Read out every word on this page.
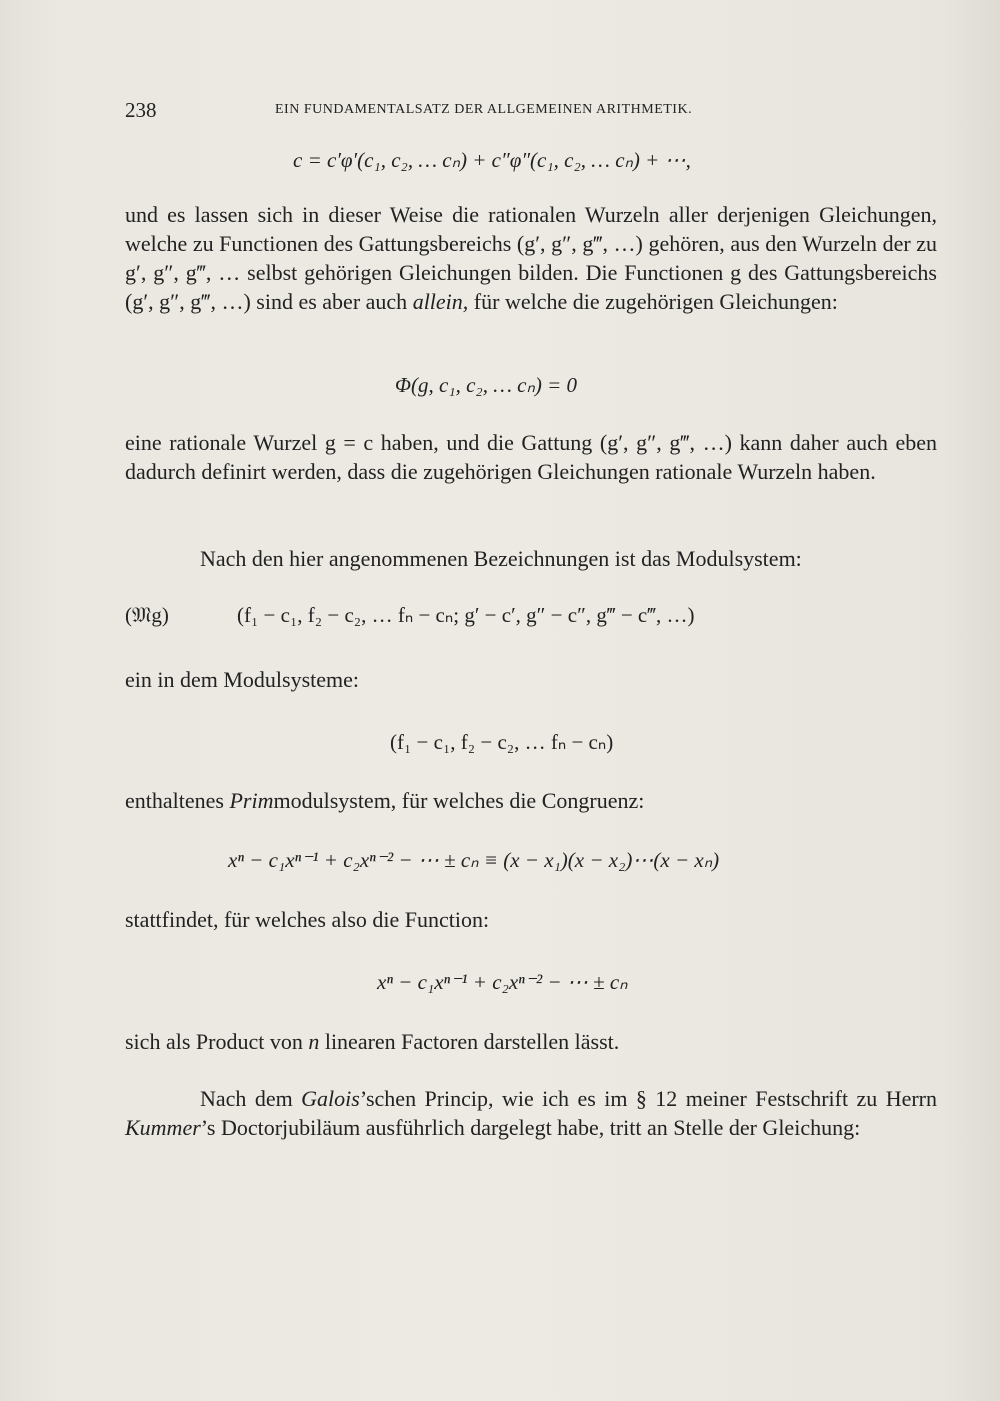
238	EIN FUNDAMENTALSATZ DER ALLGEMEINEN ARITHMETIK.
c = c′φ′(c₁, c₂, … cₙ) + c″φ″(c₁, c₂, … cₙ) + ⋯,

und es lassen sich in dieser Weise die rationalen Wurzeln aller derjenigen Gleichungen, welche zu Functionen des Gattungsbereichs (g′, g″, g‴, …) gehören, aus den Wurzeln der zu g′, g″, g‴, … selbst gehörigen Gleichungen bilden. Die Functionen g des Gattungsbereichs (g′, g″, g‴, …) sind es aber auch allein, für welche die zugehörigen Gleichungen:

Φ(g, c₁, c₂, … cₙ) = 0

eine rationale Wurzel g = c haben, und die Gattung (g′, g″, g‴, …) kann daher auch eben dadurch definirt werden, dass die zugehörigen Gleichungen rationale Wurzeln haben.

Nach den hier angenommenen Bezeichnungen ist das Modulsystem:

(𝔐g)	(f₁ − c₁, f₂ − c₂, … fₙ − cₙ; g′ − c′, g″ − c″, g‴ − c‴, …)

ein in dem Modulsysteme:

(f₁ − c₁, f₂ − c₂, … fₙ − cₙ)

enthaltenes Primmodulsystem, für welches die Congruenz:

xⁿ − c₁xⁿ⁻¹ + c₂xⁿ⁻² − ⋯ ± cₙ ≡ (x − x₁)(x − x₂)⋯(x − xₙ)

stattfindet, für welches also die Function:

xⁿ − c₁xⁿ⁻¹ + c₂xⁿ⁻² − ⋯ ± cₙ

sich als Product von n linearen Factoren darstellen lässt.

Nach dem Galois’schen Princip, wie ich es im § 12 meiner Festschrift zu Herrn Kummer’s Doctorjubiläum ausführlich dargelegt habe, tritt an Stelle der Gleichung:
